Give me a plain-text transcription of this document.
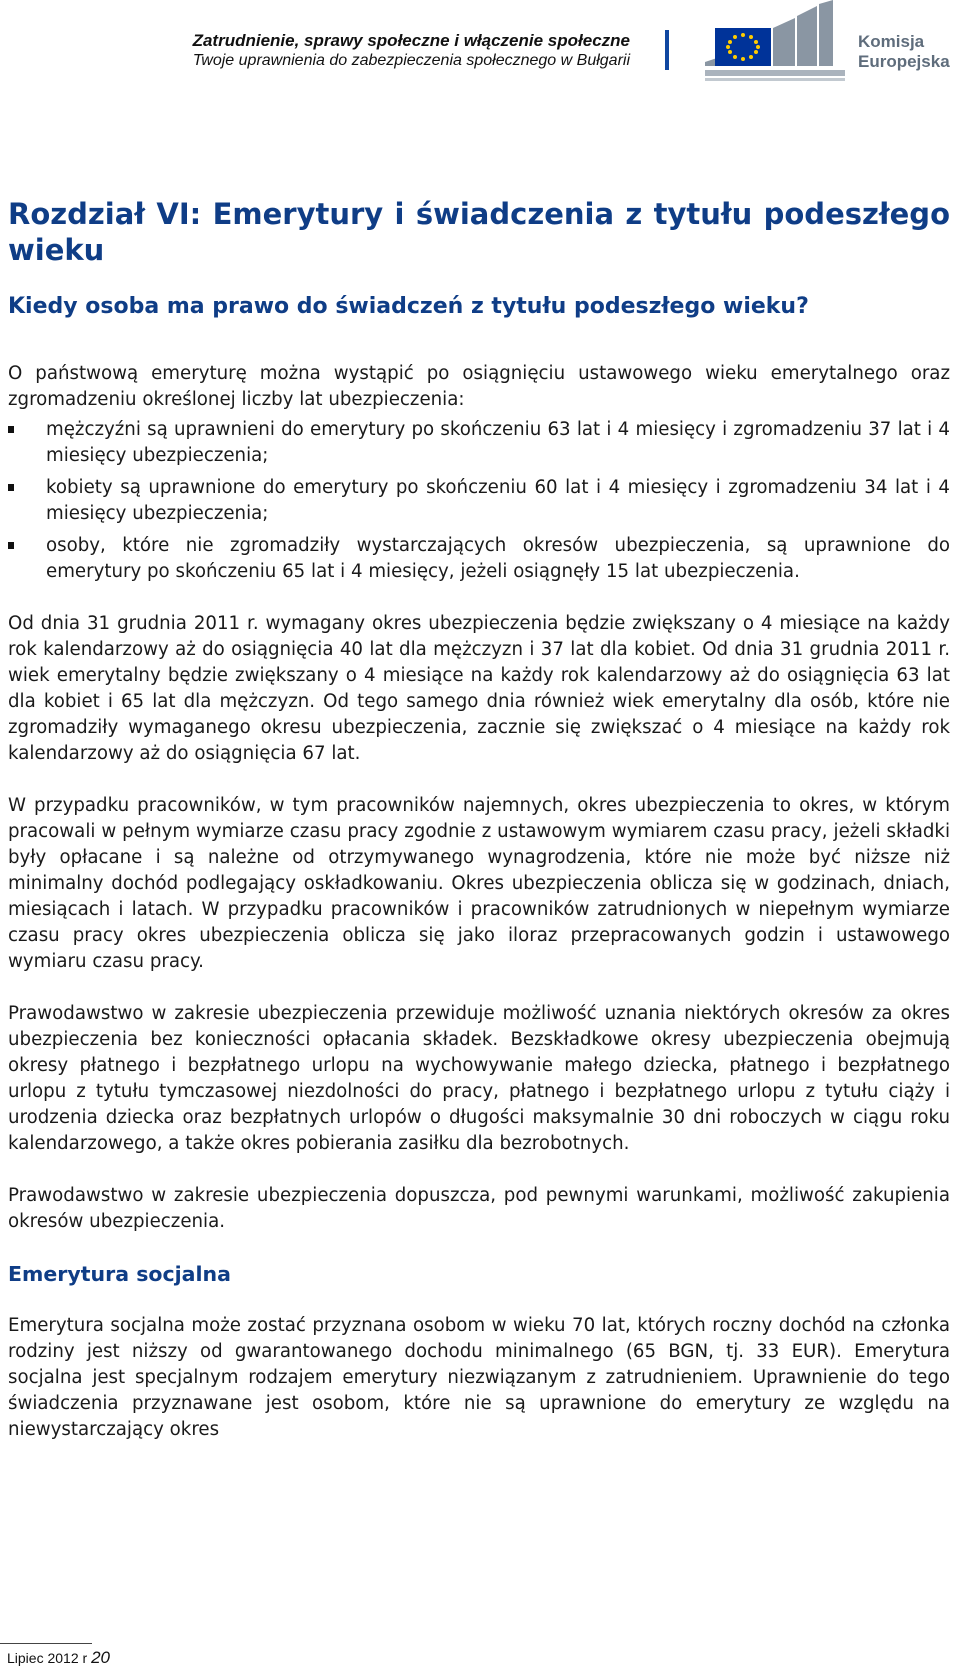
Zatrudnienie, sprawy społeczne i włączenie społeczne
Twoje uprawnienia do zabezpieczenia społecznego w Bułgarii
Komisja
Europejska
Rozdział VI: Emerytury i świadczenia z tytułu podeszłego wieku
Kiedy osoba ma prawo do świadczeń z tytułu podeszłego wieku?

O państwową emeryturę można wystąpić po osiągnięciu ustawowego wieku emerytalnego oraz zgromadzeniu określonej liczby lat ubezpieczenia:

mężczyźni są uprawnieni do emerytury po skończeniu 63 lat i 4 miesięcy i zgromadzeniu 37 lat i 4 miesięcy ubezpieczenia;
kobiety są uprawnione do emerytury po skończeniu 60 lat i 4 miesięcy i zgromadzeniu 34 lat i 4 miesięcy ubezpieczenia;
osoby, które nie zgromadziły wystarczających okresów ubezpieczenia, są uprawnione do emerytury po skończeniu 65 lat i 4 miesięcy, jeżeli osiągnęły 15 lat ubezpieczenia.

Od dnia 31 grudnia 2011 r. wymagany okres ubezpieczenia będzie zwiększany o 4 miesiące na każdy rok kalendarzowy aż do osiągnięcia 40 lat dla mężczyzn i 37 lat dla kobiet. Od dnia 31 grudnia 2011 r. wiek emerytalny będzie zwiększany o 4 miesiące na każdy rok kalendarzowy aż do osiągnięcia 63 lat dla kobiet i 65 lat dla mężczyzn. Od tego samego dnia również wiek emerytalny dla osób, które nie zgromadziły wymaganego okresu ubezpieczenia, zacznie się zwiększać o 4 miesiące na każdy rok kalendarzowy aż do osiągnięcia 67 lat.

W przypadku pracowników, w tym pracowników najemnych, okres ubezpieczenia to okres, w którym pracowali w pełnym wymiarze czasu pracy zgodnie z ustawowym wymiarem czasu pracy, jeżeli składki były opłacane i są należne od otrzymywanego wynagrodzenia, które nie może być niższe niż minimalny dochód podlegający oskładkowaniu. Okres ubezpieczenia oblicza się w godzinach, dniach, miesiącach i latach. W przypadku pracowników i pracowników zatrudnionych w niepełnym wymiarze czasu pracy okres ubezpieczenia oblicza się jako iloraz przepracowanych godzin i ustawowego wymiaru czasu pracy.

Prawodawstwo w zakresie ubezpieczenia przewiduje możliwość uznania niektórych okresów za okres ubezpieczenia bez konieczności opłacania składek. Bezskładkowe okresy ubezpieczenia obejmują okresy płatnego i bezpłatnego urlopu na wychowywanie małego dziecka, płatnego i bezpłatnego urlopu z tytułu tymczasowej niezdolności do pracy, płatnego i bezpłatnego urlopu z tytułu ciąży i urodzenia dziecka oraz bezpłatnych urlopów o długości maksymalnie 30 dni roboczych w ciągu roku kalendarzowego, a także okres pobierania zasiłku dla bezrobotnych.

Prawodawstwo w zakresie ubezpieczenia dopuszcza, pod pewnymi warunkami, możliwość zakupienia okresów ubezpieczenia.

Emerytura socjalna

Emerytura socjalna może zostać przyznana osobom w wieku 70 lat, których roczny dochód na członka rodziny jest niższy od gwarantowanego dochodu minimalnego (65 BGN, tj. 33 EUR). Emerytura socjalna jest specjalnym rodzajem emerytury niezwiązanym z zatrudnieniem. Uprawnienie do tego świadczenia przyznawane jest osobom, które nie są uprawnione do emerytury ze względu na niewystarczający okres

Lipiec 2012 r 20
